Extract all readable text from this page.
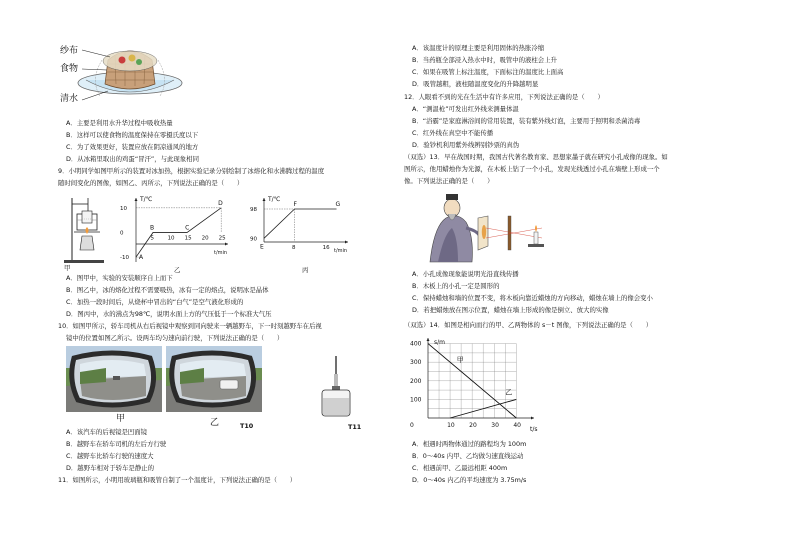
纱布
食物
清水
A．主要是利用水升华过程中吸收热量
B．这样可以使食物的温度保持在零摄氏度以下
C．为了效果更好，装置应放在阴凉通风的地方
D．从冰箱里取出的鸡蛋“冒汗”，与此现象相同
9．小明同学如图甲所示的装置对冰加热，根据实验记录分别绘制了冰熔化和水沸腾过程的温度
随时间变化的图像，如图乙、丙所示，下列说法正确的是（　　）
甲
5 10 15 20 25
10
0
-10 A
B	C
D
T/℃
t/min
乙
8	16
98
90
E
F	G
T/℃
t/min
丙
A．图甲中，实验的安装顺序自上而下
B．图乙中，冰的熔化过程不需要吸热，冰有一定的熔点，说明冰是晶体
C．加热一段时间后，从烧杯中冒出的“白气”是空气液化形成的
D．图丙中，水的沸点为98℃，说明水面上方的气压低于一个标准大气压
10．如图甲所示，轿车司机从右后视镜中观察到同向驶来一辆越野车，下一时刻越野车在后视
镜中的位置如图乙所示。设两车均匀速向前行驶，下列说法正确的是（　　）
甲	乙	T10	T11
A．该汽车的后视镜是凹面镜
B．越野车在轿车司机的左后方行驶
C．越野车比轿车行驶的速度大
D．越野车相对于轿车是静止的
11．如图所示，小明用玻璃瓶和吸管自制了一个温度计，下列说法正确的是（　　）
A．该温度计的原理主要是利用固体的热胀冷缩
B．当药瓶全部浸入热水中时，吸管中的液柱会上升
C．如果在吸管上标注温度，下面标注的温度比上面高
D．吸管越粗，液柱随温度变化的升降越明显
12．人眼看不到的光在生活中有许多应用，下列说法正确的是（　　）
A．“测温枪”可发出红外线来测量体温
B．“浴霸”是家庭淋浴间的常用装置，装有紫外线灯泡，主要用于照明和杀菌消毒
C．红外线在真空中不能传播
D．验钞机利用紫外线辨别钞票的真伪
（双选）13．早在战国时期，我国古代著名教育家、思想家墨子就在研究小孔成像的现象。如
图所示，他用蜡烛作为光源，在木板上钻了一个小孔，发现光线透过小孔在墙壁上形成一个
像。下列说法正确的是（　　）
A．小孔成像现象能说明光沿直线传播
B．木板上的小孔一定是圆形的
C．保持蜡烛和墙的位置不变，将木板向靠近蜡烛的方向移动，蜡烛在墙上的像会变小
D．若把蜡烛放在图示位置，蜡烛在墙上形成的像是倒立、放大的实像
（双选）14．如图是相向而行的甲、乙两物体的 s－t 图像，下列说法正确的是（　　）
10 20 30 40
100
200
300
400
甲
乙
0
s/m
t/s
A．相遇时两物体通过的路程均为 100m
B．0～40s 内甲、乙均做匀速直线运动
C．相遇前甲、乙最远相距 400m
D．0～40s 内乙的平均速度为 3.75m/s
